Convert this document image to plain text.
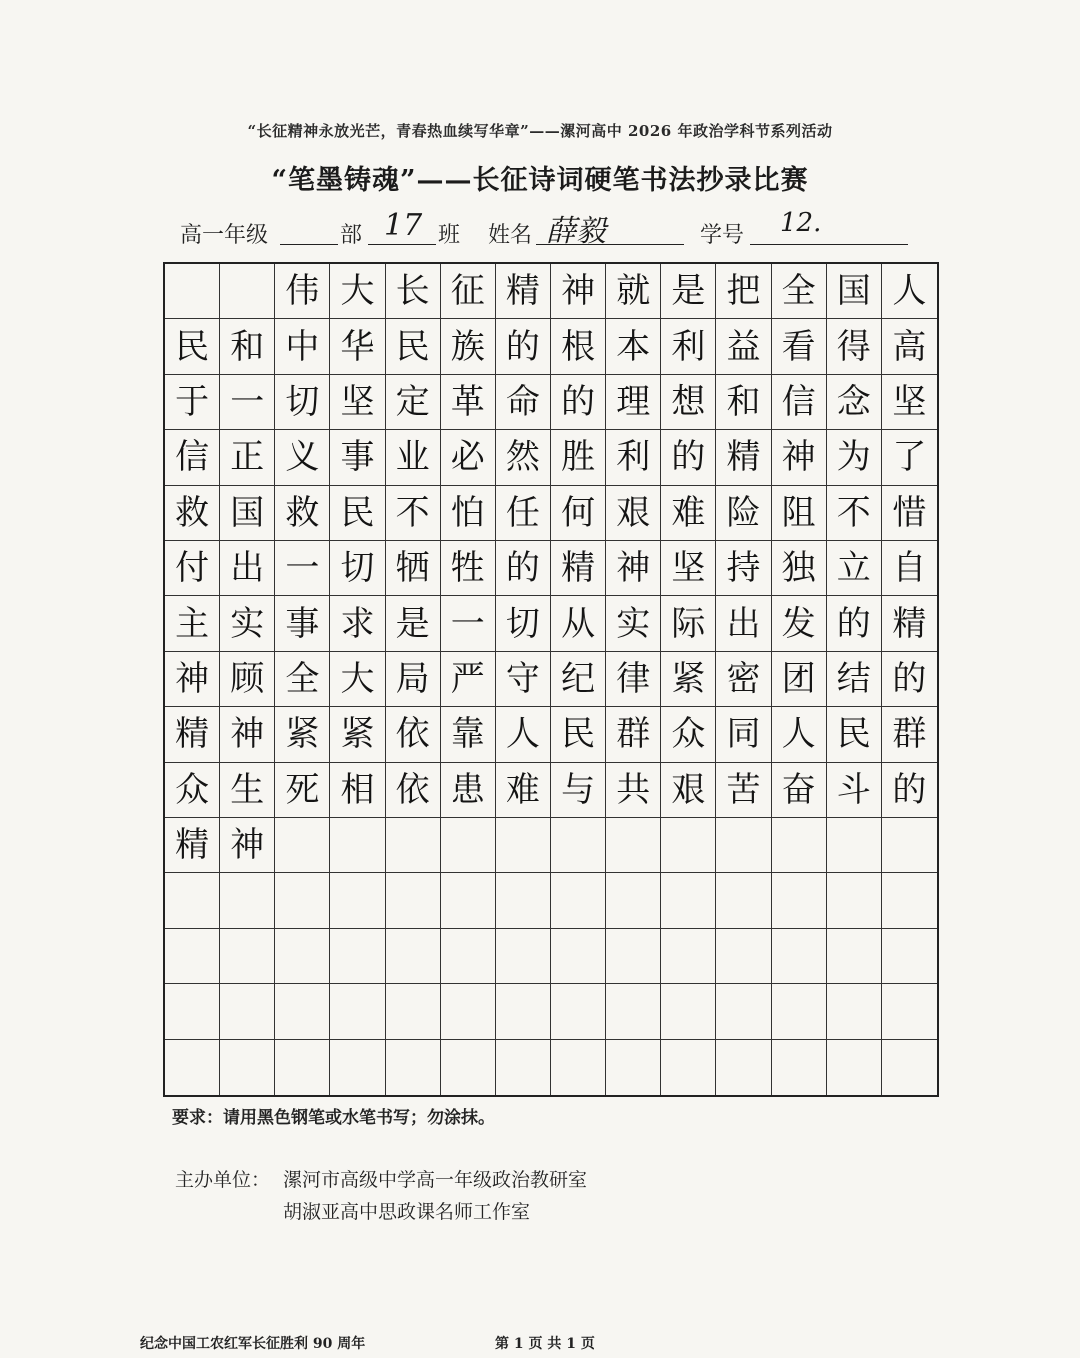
“长征精神永放光芒，青春热血续写华章”——漯河高中 2026 年政治学科节系列活动
“笔墨铸魂”——长征诗词硬笔书法抄录比赛
高一年级	部 17 班 姓名 薛毅	学号 12.
伟 大 长 征 精 神 就 是 把 全 国 人
民 和 中 华 民 族 的 根 本 利 益 看 得 高
于 一 切 坚 定 革 命 的 理 想 和 信 念 坚
信 正 义 事 业 必 然 胜 利 的 精 神 为 了
救 国 救 民 不 怕 任 何 艰 难 险 阻 不 惜
付 出 一 切 牺 牲 的 精 神 坚 持 独 立 自
主 实 事 求 是 一 切 从 实 际 出 发 的 精
神 顾 全 大 局 严 守 纪 律 紧 密 团 结 的
精 神 紧 紧 依 靠 人 民 群 众 同 人 民 群
众 生 死 相 依 患 难 与 共 艰 苦 奋 斗 的
精 神
要求：请用黑色钢笔或水笔书写；勿涂抹。
主办单位： 漯河市高级中学高一年级政治教研室
胡淑亚高中思政课名师工作室
纪念中国工农红军长征胜利 90 周年	第 1 页 共 1 页
